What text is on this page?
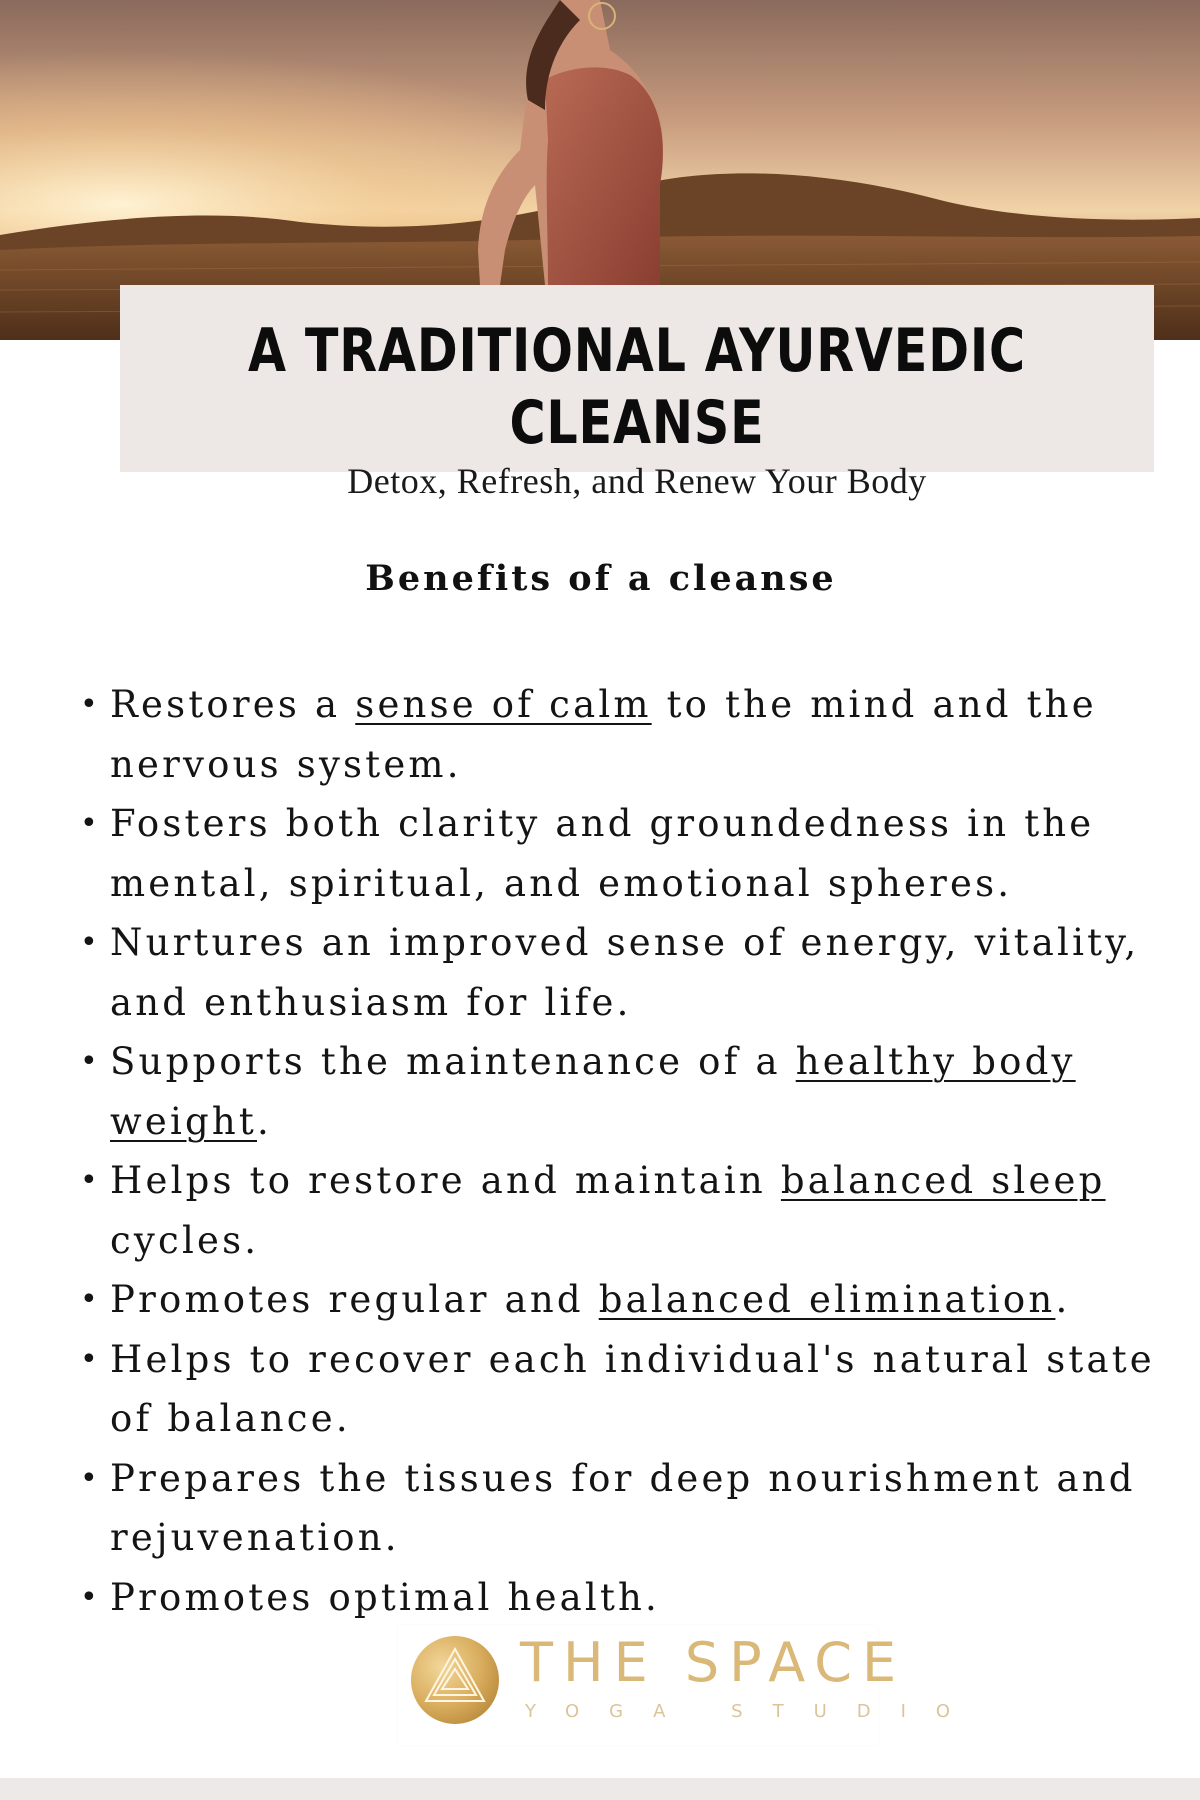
A TRADITIONAL AYURVEDIC CLEANSE

Detox, Refresh, and Renew Your Body

Benefits of a cleanse
• Restores a sense of calm to the mind and the nervous system.
• Fosters both clarity and groundedness in the mental, spiritual, and emotional spheres.
• Nurtures an improved sense of energy, vitality, and enthusiasm for life.
• Supports the maintenance of a healthy body weight.
• Helps to restore and maintain balanced sleep cycles.
• Promotes regular and balanced elimination.
• Helps to recover each individual's natural state of balance.
• Prepares the tissues for deep nourishment and rejuvenation.
• Promotes optimal health.
THE SPACE
YOGA STUDIO
